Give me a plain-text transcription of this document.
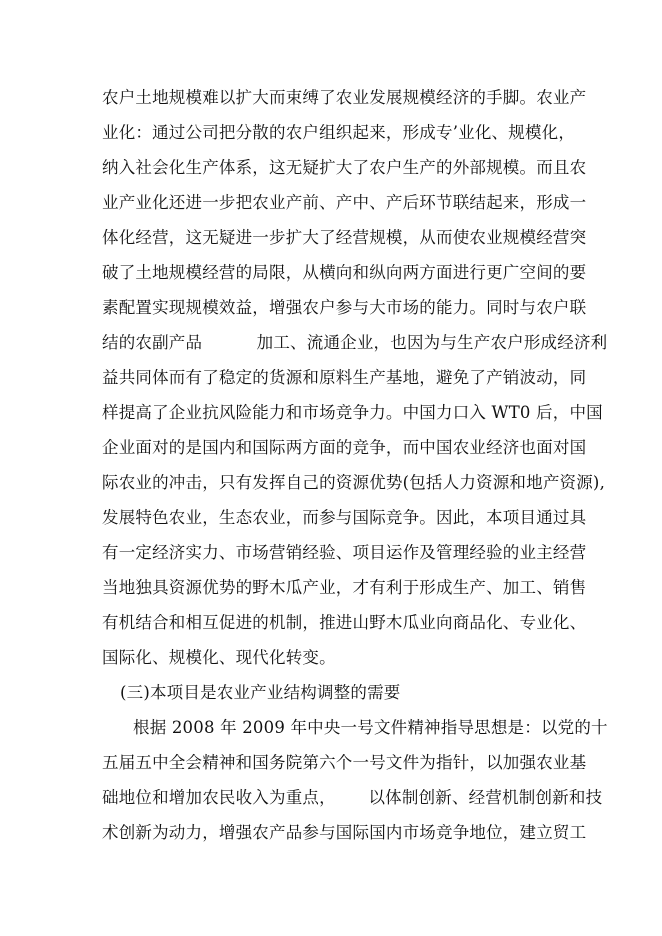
农户土地规模难以扩大而束缚了农业发展规模经济的手脚。农业产
业化：通过公司把分散的农户组织起来，形成专’业化、规模化，
纳入社会化生产体系，这无疑扩大了农户生产的外部规模。而且农
业产业化还进一步把农业产前、产中、产后环节联结起来，形成一
体化经营，这无疑进一步扩大了经营规模，从而使农业规模经营突
破了土地规模经营的局限，从横向和纵向两方面进行更广空间的要
素配置实现规模效益，增强农户参与大市场的能力。同时与农户联
结的农副产品          加工、流通企业，也因为与生产农户形成经济利
益共同体而有了稳定的货源和原料生产基地，避免了产销波动，同
样提高了企业抗风险能力和市场竞争力。中国力口入 WT0 后，中国
企业面对的是国内和国际两方面的竞争，而中国农业经济也面对国
际农业的冲击，只有发挥自己的资源优势(包括人力资源和地产资源),
发展特色农业，生态农业，而参与国际竞争。因此，本项目通过具
有一定经济实力、市场营销经验、项目运作及管理经验的业主经营
当地独具资源优势的野木瓜产业，才有利于形成生产、加工、销售
有机结合和相互促进的机制，推进山野木瓜业向商品化、专业化、
国际化、规模化、现代化转变。
(三)本项目是农业产业结构调整的需要
根据 2008 年 2009 年中央一号文件精神指导思想是：以党的十
五届五中全会精神和国务院第六个一号文件为指针，以加强农业基
础地位和增加农民收入为重点，      以体制创新、经营机制创新和技
术创新为动力，增强农产品参与国际国内市场竞争地位，建立贸工
